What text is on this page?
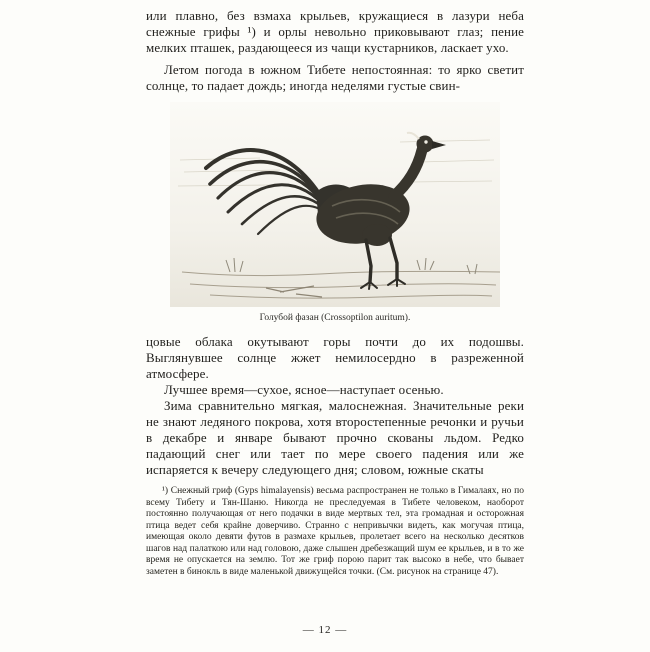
или плавно, без взмаха крыльев, кружащиеся в лазури неба снежные грифы ¹) и орлы невольно приковывают глаз; пение мелких пташек, раздающееся из чащи кустарников, ласкает ухо.

Летом погода в южном Тибете непостоянная: то ярко светит солнце, то падает дождь; иногда неделями густые свин-

Голубой фазан (Crossoptilon auritum).

цовые облака окутывают горы почти до их подошвы. Выглянувшее солнце жжет немилосердно в разреженной атмосфере.

Лучшее время—сухое, ясное—наступает осенью.

Зима сравнительно мягкая, малоснежная. Значительные реки не знают ледяного покрова, хотя второстепенные речонки и ручьи в декабре и январе бывают прочно скованы льдом. Редко падающий снег или тает по мере своего падения или же испаряется к вечеру следующего дня; словом, южные скаты

¹) Снежный гриф (Gyps himalayensis) весьма распространен не только в Гималаях, но по всему Тибету и Тян-Шаню. Никогда не преследуемая в Тибете человеком, наоборот постоянно получающая от него подачки в виде мертвых тел, эта громадная и осторожная птица ведет себя крайне доверчиво. Странно с непривычки видеть, как могучая птица, имеющая около девяти футов в размахе крыльев, пролетает всего на несколько десятков шагов над палаткою или над головою, даже слышен дребезжащий шум ее крыльев, и в то же время не опускается на землю. Тот же гриф порою парит так высоко в небе, что бывает заметен в бинокль в виде маленькой движущейся точки. (См. рисунок на странице 47).

— 12 —
